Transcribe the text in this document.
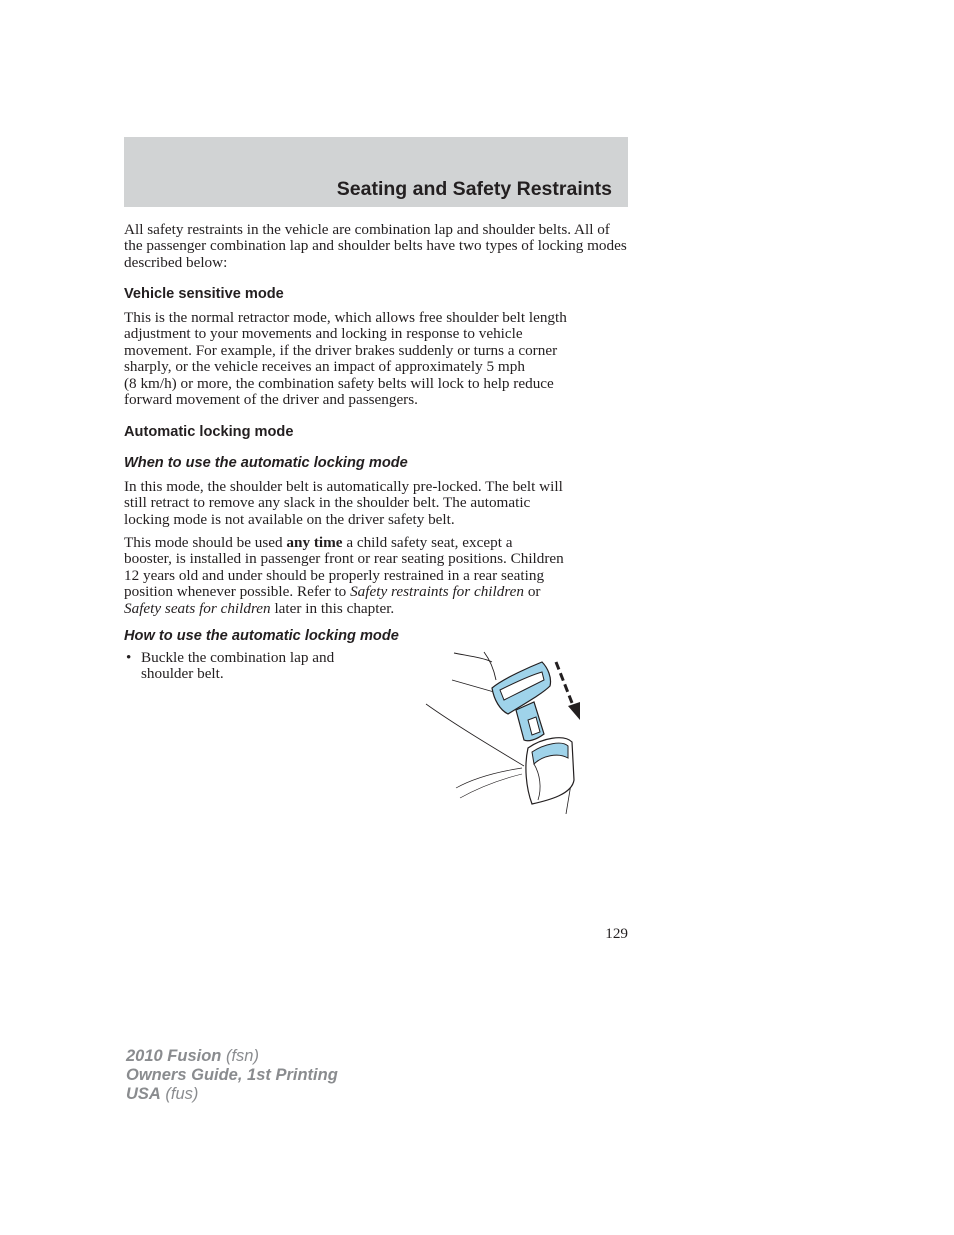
Seating and Safety Restraints

All safety restraints in the vehicle are combination lap and shoulder belts. All of the passenger combination lap and shoulder belts have two types of locking modes described below:

Vehicle sensitive mode
This is the normal retractor mode, which allows free shoulder belt length
adjustment to your movements and locking in response to vehicle
movement. For example, if the driver brakes suddenly or turns a corner
sharply, or the vehicle receives an impact of approximately 5 mph
(8 km/h) or more, the combination safety belts will lock to help reduce
forward movement of the driver and passengers.
Automatic locking mode
When to use the automatic locking mode
In this mode, the shoulder belt is automatically pre-locked. The belt will
still retract to remove any slack in the shoulder belt. The automatic
locking mode is not available on the driver safety belt.
This mode should be used any time a child safety seat, except a
booster, is installed in passenger front or rear seating positions. Children
12 years old and under should be properly restrained in a rear seating
position whenever possible. Refer to Safety restraints for children or
Safety seats for children later in this chapter.
How to use the automatic locking mode
• Buckle the combination lap and shoulder belt.
129
2010 Fusion (fsn)
Owners Guide, 1st Printing
USA (fus)
